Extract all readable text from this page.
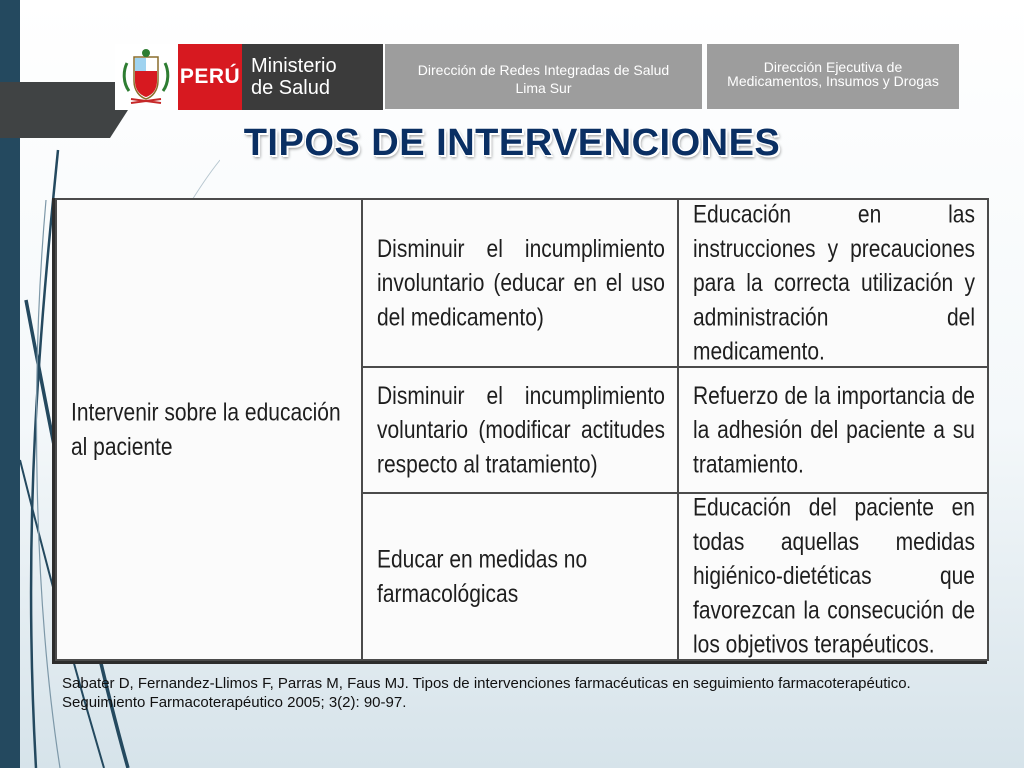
PERÚ Ministerio
de Salud
Dirección de Redes Integradas de Salud
Lima Sur
Dirección Ejecutiva de
Medicamentos, Insumos y Drogas
TIPOS DE INTERVENCIONES
Intervenir sobre la educación al paciente	Disminuir el incumplimiento involuntario (educar en el uso del medicamento)	Educación en las instrucciones y precauciones para la correcta utilización y administración del medicamento.

	Disminuir el incumplimiento voluntario (modificar actitudes respecto al tratamiento)	Refuerzo de la importancia de la adhesión del paciente a su tratamiento.

	Educar en medidas no farmacológicas	Educación del paciente en todas aquellas medidas higiénico-dietéticas que favorezcan la consecución de los objetivos terapéuticos.
Sabater D, Fernandez-Llimos F, Parras M, Faus MJ. Tipos de intervenciones farmacéuticas en seguimiento farmacoterapéutico. Seguimiento Farmacoterapéutico 2005; 3(2): 90-97.
